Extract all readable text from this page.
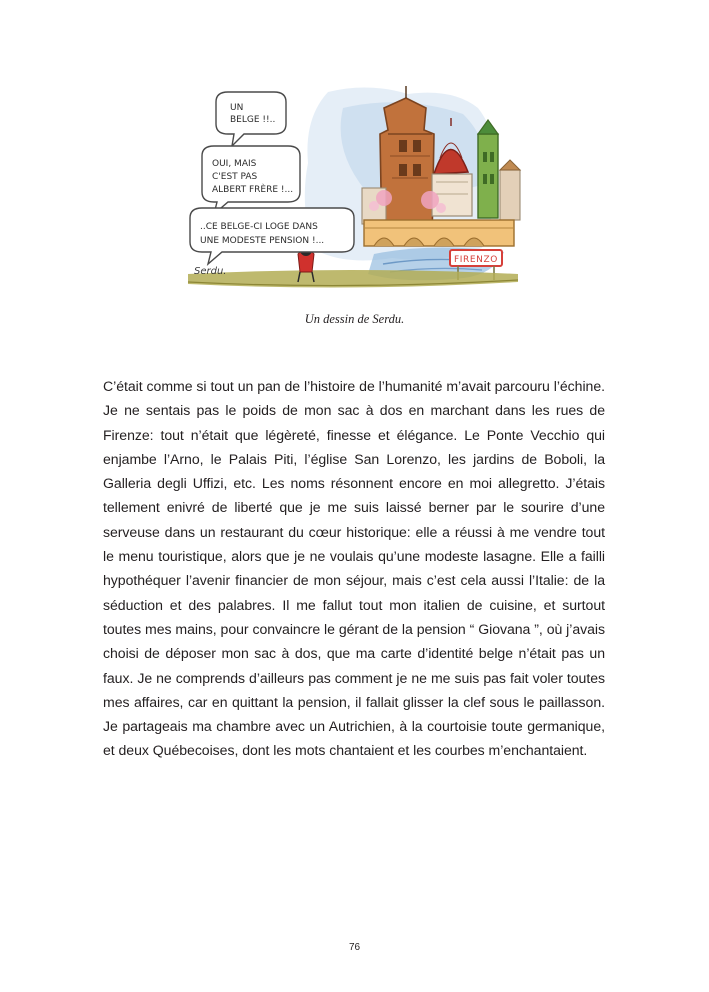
FIRENZO
UN
BELGE !!..
OUI, MAIS
C'EST PAS
ALBERT FRÈRE !...
..CE BELGE-CI LOGE DANS
UNE MODESTE PENSION !...
Serdu.
Un dessin de Serdu.

C’était comme si tout un pan de l’histoire de l’humanité m’avait parcouru l’échine. Je ne sentais pas le poids de mon sac à dos en marchant dans les rues de Firenze: tout n’était que légèreté, finesse et élégance. Le Ponte Vecchio qui enjambe l’Arno, le Palais Piti, l’église San Lorenzo, les jardins de Boboli, la Galleria degli Uffizi, etc. Les noms résonnent encore en moi allegretto. J’étais tellement enivré de liberté que je me suis laissé berner par le sourire d’une serveuse dans un restaurant du cœur historique: elle a réussi à me vendre tout le menu touristique, alors que je ne voulais qu’une modeste lasagne. Elle a failli hypothéquer l’avenir financier de mon séjour, mais c’est cela aussi l’Italie: de la séduction et des palabres. Il me fallut tout mon italien de cuisine, et surtout toutes mes mains, pour convaincre le gérant de la pension “ Giovana ”, où j’avais choisi de déposer mon sac à dos, que ma carte d’identité belge n’était pas un faux. Je ne comprends d’ailleurs pas comment je ne me suis pas fait voler toutes mes affaires, car en quittant la pension, il fallait glisser la clef sous le paillasson. Je partageais ma chambre avec un Autrichien, à la courtoisie toute germanique, et deux Québecoises, dont les mots chantaient et les courbes m’enchantaient.

76
